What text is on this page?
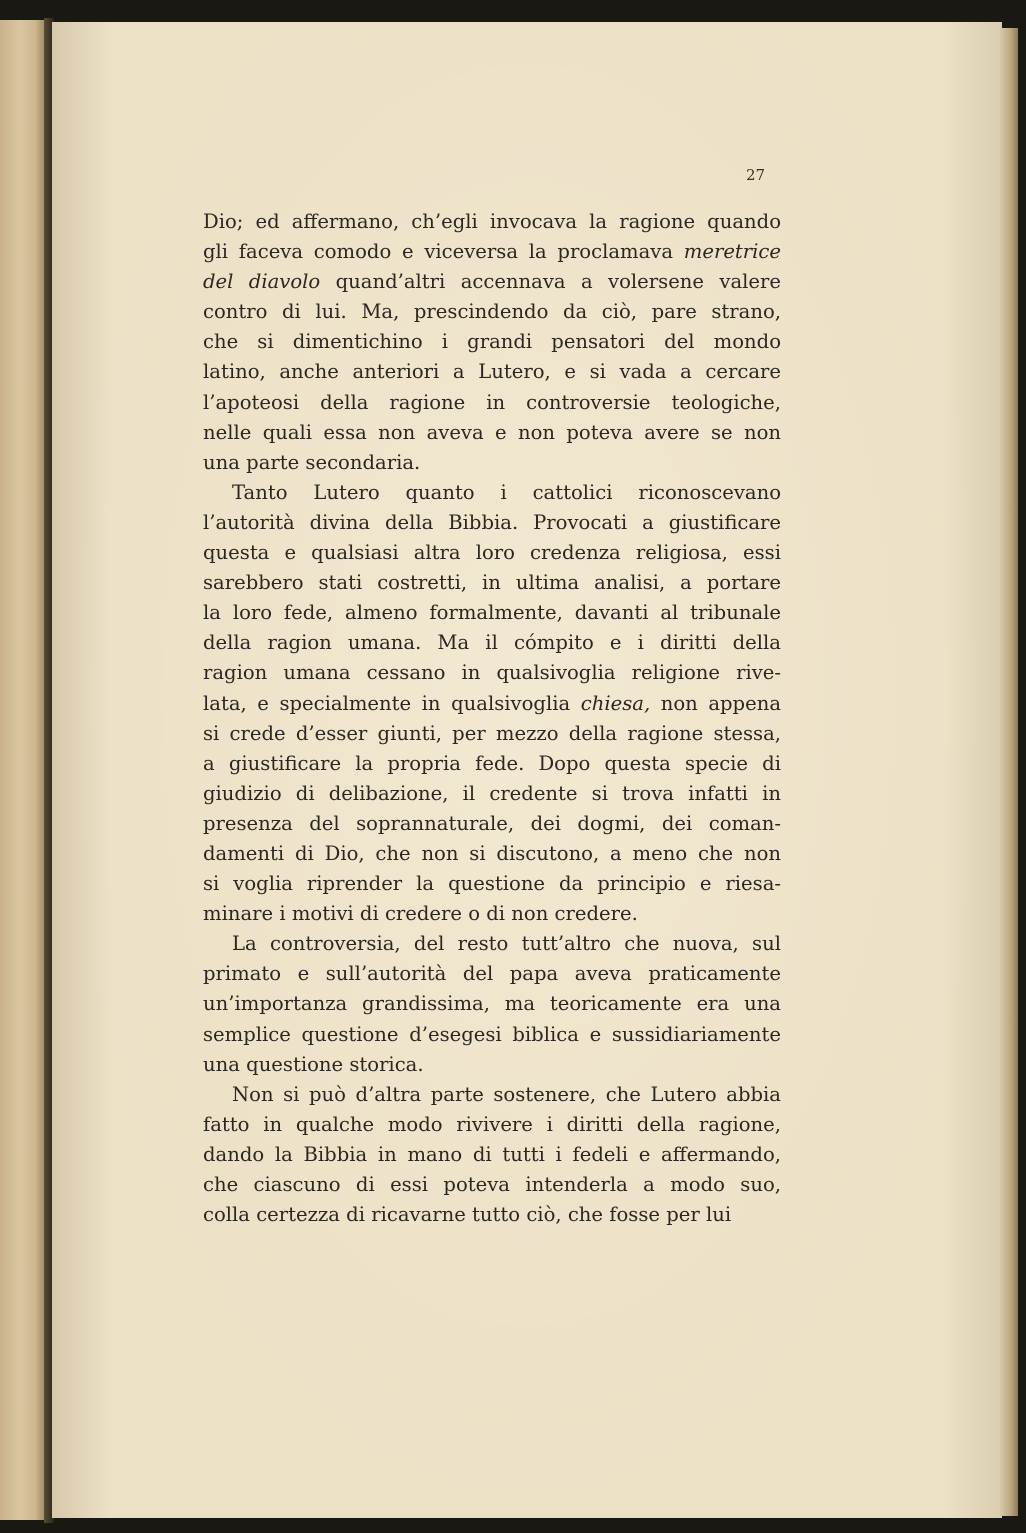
27
Dio; ed affermano, ch’egli invocava la ragione quando
gli faceva comodo e viceversa la proclamava meretrice
del diavolo quand’altri accennava a volersene valere
contro di lui. Ma, prescindendo da ciò, pare strano,
che si dimentichino i grandi pensatori del mondo
latino, anche anteriori a Lutero, e si vada a cercare
l’apoteosi della ragione in controversie teologiche,
nelle quali essa non aveva e non poteva avere se non
una parte secondaria.
Tanto Lutero quanto i cattolici riconoscevano
l’autorità divina della Bibbia. Provocati a giustificare
questa e qualsiasi altra loro credenza religiosa, essi
sarebbero stati costretti, in ultima analisi, a portare
la loro fede, almeno formalmente, davanti al tribunale
della ragion umana. Ma il cómpito e i diritti della
ragion umana cessano in qualsivoglia religione rive-
lata, e specialmente in qualsivoglia chiesa, non appena
si crede d’esser giunti, per mezzo della ragione stessa,
a giustificare la propria fede. Dopo questa specie di
giudizio di delibazione, il credente si trova infatti in
presenza del soprannaturale, dei dogmi, dei coman-
damenti di Dio, che non si discutono, a meno che non
si voglia riprender la questione da principio e riesa-
minare i motivi di credere o di non credere.
La controversia, del resto tutt’altro che nuova, sul
primato e sull’autorità del papa aveva praticamente
un’importanza grandissima, ma teoricamente era una
semplice questione d’esegesi biblica e sussidiariamente
una questione storica.
Non si può d’altra parte sostenere, che Lutero abbia
fatto in qualche modo rivivere i diritti della ragione,
dando la Bibbia in mano di tutti i fedeli e affermando,
che ciascuno di essi poteva intenderla a modo suo,
colla certezza di ricavarne tutto ciò, che fosse per lui
